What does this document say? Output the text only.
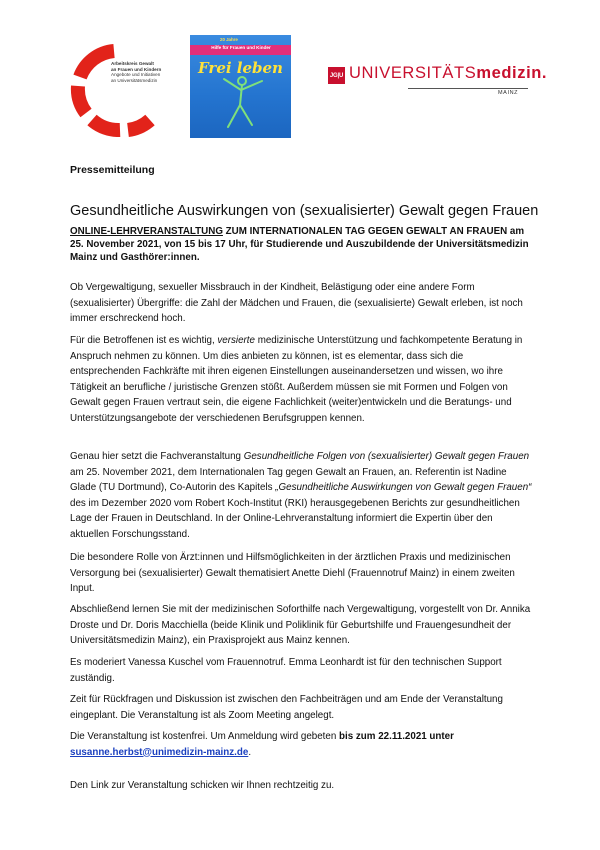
Arbeitskreis Gewalt
an Frauen und Kindern
Angebote und Initiativen
an Universitätsmedizin
20 Jahre
Hilfe für Frauen und Kinder
Frei leben	JG|U UNIVERSITÄTSmedizin.
MAINZ
Pressemitteilung
Gesundheitliche Auswirkungen von (sexualisierter) Gewalt gegen Frauen
ONLINE-LEHRVERANSTALTUNG ZUM INTERNATIONALEN TAG GEGEN GEWALT AN FRAUEN am 25. November 2021, von 15 bis 17 Uhr, für Studierende und Auszubildende der Universitätsmedizin Mainz und Gasthörer:innen.

Ob Vergewaltigung, sexueller Missbrauch in der Kindheit, Belästigung oder eine andere Form (sexualisierter) Übergriffe: die Zahl der Mädchen und Frauen, die (sexualisierte) Gewalt erleben, ist noch immer erschreckend hoch.

Für die Betroffenen ist es wichtig, versierte medizinische Unterstützung und fachkompetente Beratung in Anspruch nehmen zu können. Um dies anbieten zu können, ist es elementar, dass sich die entsprechenden Fachkräfte mit ihren eigenen Einstellungen auseinandersetzen und wissen, wo ihre Tätigkeit an berufliche / juristische Grenzen stößt. Außerdem müssen sie mit Formen und Folgen von Gewalt gegen Frauen vertraut sein, die eigene Fachlichkeit (weiter)entwickeln und die Beratungs- und Unterstützungsangebote der verschiedenen Berufsgruppen kennen.

Genau hier setzt die Fachveranstaltung Gesundheitliche Folgen von (sexualisierter) Gewalt gegen Frauen am 25. November 2021, dem Internationalen Tag gegen Gewalt an Frauen, an. Referentin ist Nadine Glade (TU Dortmund), Co-Autorin des Kapitels „Gesundheitliche Auswirkungen von Gewalt gegen Frauen“ des im Dezember 2020 vom Robert Koch-Institut (RKI) herausgegebenen Berichts zur gesundheitlichen Lage der Frauen in Deutschland. In der Online-Lehrveranstaltung informiert die Expertin über den aktuellen Forschungsstand.

Die besondere Rolle von Ärzt:innen und Hilfsmöglichkeiten in der ärztlichen Praxis und medizinischen Versorgung bei (sexualisierter) Gewalt thematisiert Anette Diehl (Frauennotruf Mainz) in einem zweiten Input.

Abschließend lernen Sie mit der medizinischen Soforthilfe nach Vergewaltigung, vorgestellt von Dr. Annika Droste und Dr. Doris Macchiella (beide Klinik und Poliklinik für Geburtshilfe und Frauengesundheit der Universitätsmedizin Mainz), ein Praxisprojekt aus Mainz kennen.

Es moderiert Vanessa Kuschel vom Frauennotruf. Emma Leonhardt ist für den technischen Support zuständig.

Zeit für Rückfragen und Diskussion ist zwischen den Fachbeiträgen und am Ende der Veranstaltung eingeplant. Die Veranstaltung ist als Zoom Meeting angelegt.

Die Veranstaltung ist kostenfrei. Um Anmeldung wird gebeten bis zum 22.11.2021 unter
susanne.herbst@unimedizin-mainz.de.

Den Link zur Veranstaltung schicken wir Ihnen rechtzeitig zu.
